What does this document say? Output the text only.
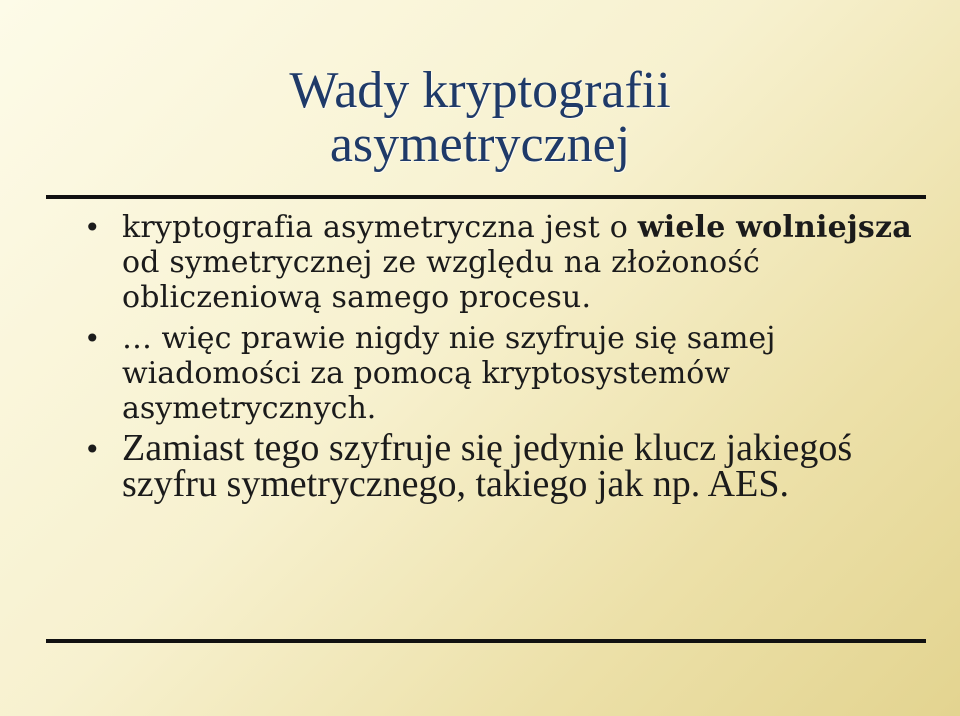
Wady kryptografii
asymetrycznej
• kryptografia asymetryczna jest o wiele wolniejsza od symetrycznej ze względu na złożoność obliczeniową samego procesu.
• … więc prawie nigdy nie szyfruje się samej wiadomości za pomocą kryptosystemów asymetrycznych.
• Zamiast tego szyfruje się jedynie klucz jakiegoś szyfru symetrycznego, takiego jak np. AES.
